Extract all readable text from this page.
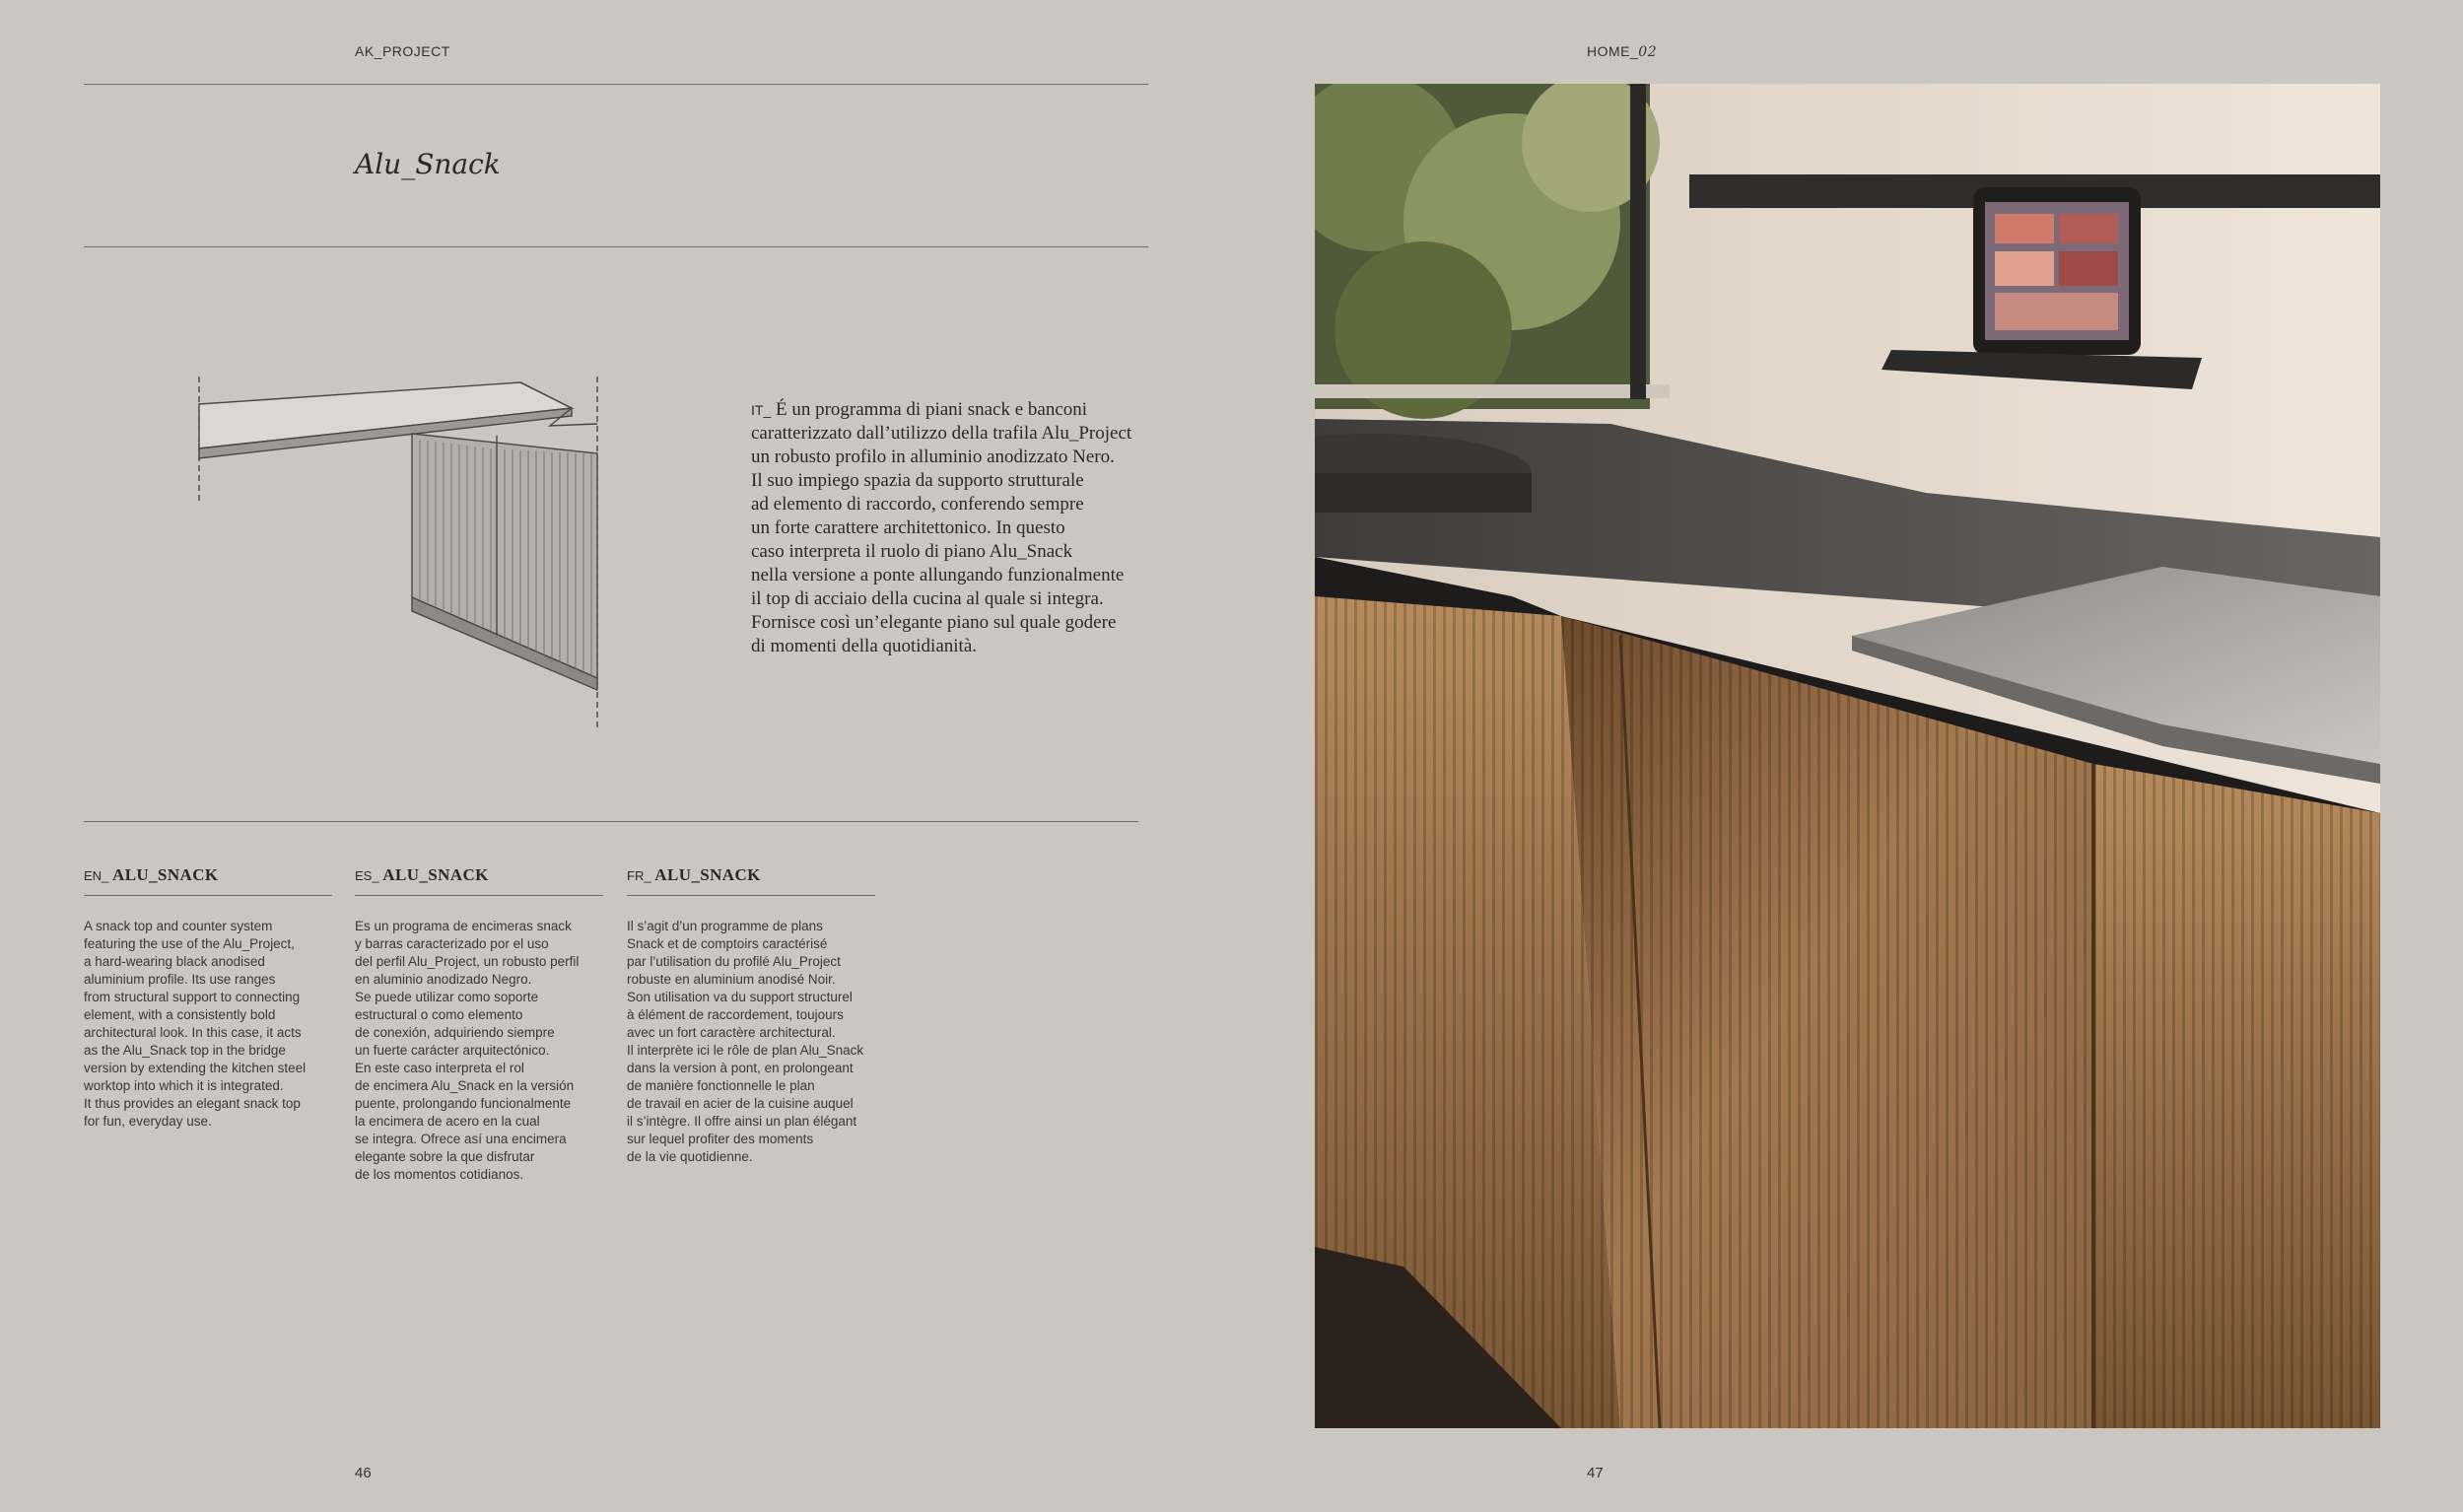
AK_PROJECT	HOME_02
Alu_Snack

IT_ É un programma di piani snack e banconi

caratterizzato dall’utilizzo della trafila Alu_Project

un robusto profilo in alluminio anodizzato Nero.

Il suo impiego spazia da supporto strutturale

ad elemento di raccordo, conferendo sempre

un forte carattere architettonico. In questo

caso interpreta il ruolo di piano Alu_Snack

nella versione a ponte allungando funzionalmente

il top di acciaio della cucina al quale si integra.

Fornisce così un’elegante piano sul quale godere

di momenti della quotidianità.

EN_ ALU_SNACK

A snack top and counter system

featuring the use of the Alu_Project,

a hard-wearing black anodised

aluminium profile. Its use ranges

from structural support to connecting

element, with a consistently bold

architectural look. In this case, it acts

as the Alu_Snack top in the bridge

version by extending the kitchen steel

worktop into which it is integrated.

It thus provides an elegant snack top

for fun, everyday use.

ES_ ALU_SNACK

Es un programa de encimeras snack

y barras caracterizado por el uso

del perfil Alu_Project, un robusto perfil

en aluminio anodizado Negro.

Se puede utilizar como soporte

estructural o como elemento

de conexión, adquiriendo siempre

un fuerte carácter arquitectónico.

En este caso interpreta el rol

de encimera Alu_Snack en la versión

puente, prolongando funcionalmente

la encimera de acero en la cual

se integra. Ofrece así una encimera

elegante sobre la que disfrutar

de los momentos cotidianos.

FR_ ALU_SNACK

Il s’agit d’un programme de plans

Snack et de comptoirs caractérisé

par l’utilisation du profilé Alu_Project

robuste en aluminium anodisé Noir.

Son utilisation va du support structurel

à élément de raccordement, toujours

avec un fort caractère architectural.

Il interprète ici le rôle de plan Alu_Snack

dans la version à pont, en prolongeant

de manière fonctionnelle le plan

de travail en acier de la cuisine auquel

il s’intègre. Il offre ainsi un plan élégant

sur lequel profiter des moments

de la vie quotidienne.

46	47
